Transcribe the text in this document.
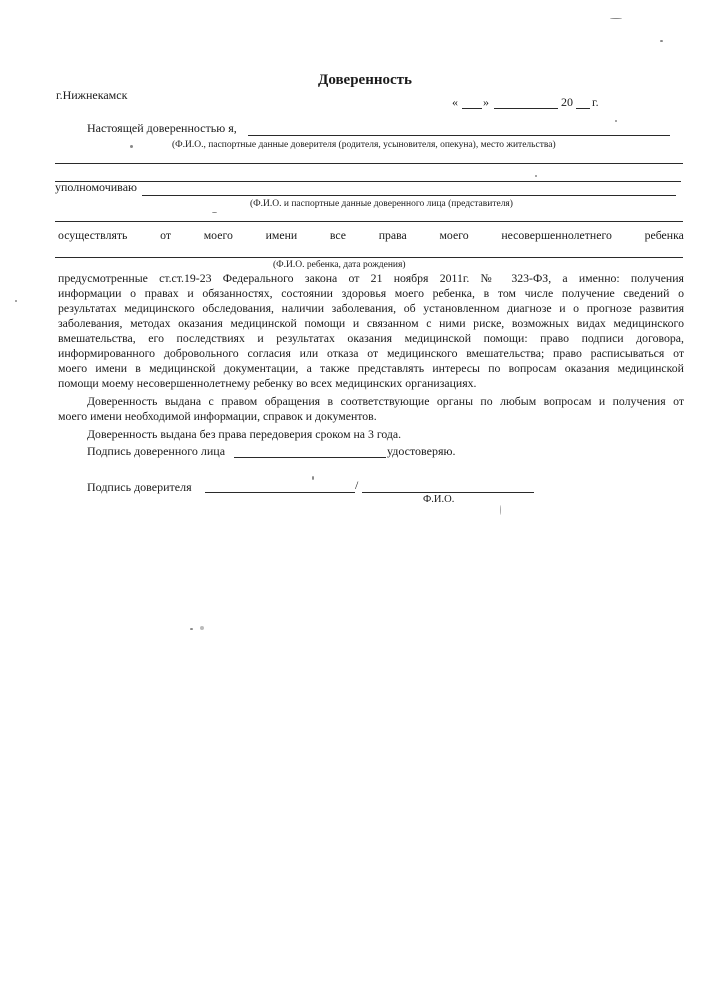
Доверенность
г.Нижнекамск	« »	20 г.
Настоящей доверенностью я,
(Ф.И.О., паспортные данные доверителя (родителя, усыновителя, опекуна), место жительства)
уполномочиваю
(Ф.И.О. и паспортные данные доверенного лица (представителя)
осуществлять	от	моего	имени	все	права	моего	несовершеннолетнего	ребенка
(Ф.И.О. ребенка, дата рождения)
предусмотренные ст.ст.19-23 Федерального закона от 21 ноября 2011г. № 323-ФЗ, а именно: получения
информации о правах и обязанностях, состоянии здоровья моего ребенка, в том числе получение сведений о
результатах медицинского обследования, наличии заболевания, об установленном диагнозе и о прогнозе развития
заболевания, методах оказания медицинской помощи и связанном с ними риске, возможных видах медицинского
вмешательства, его последствиях и результатах оказания медицинской помощи: право подписи договора,
информированного добровольного согласия или отказа от медицинского вмешательства; право расписываться от
моего имени в медицинской документации, а также представлять интересы по вопросам оказания медицинской
помощи моему несовершеннолетнему ребенку во всех медицинских организациях.
Доверенность выдана с правом обращения в соответствующие органы по любым вопросам и получения от
моего имени необходимой информации, справок и документов.
Доверенность выдана без права передоверия сроком на 3 года.
Подпись доверенного лица	удостоверяю.
Подпись доверителя	/
Ф.И.О.
